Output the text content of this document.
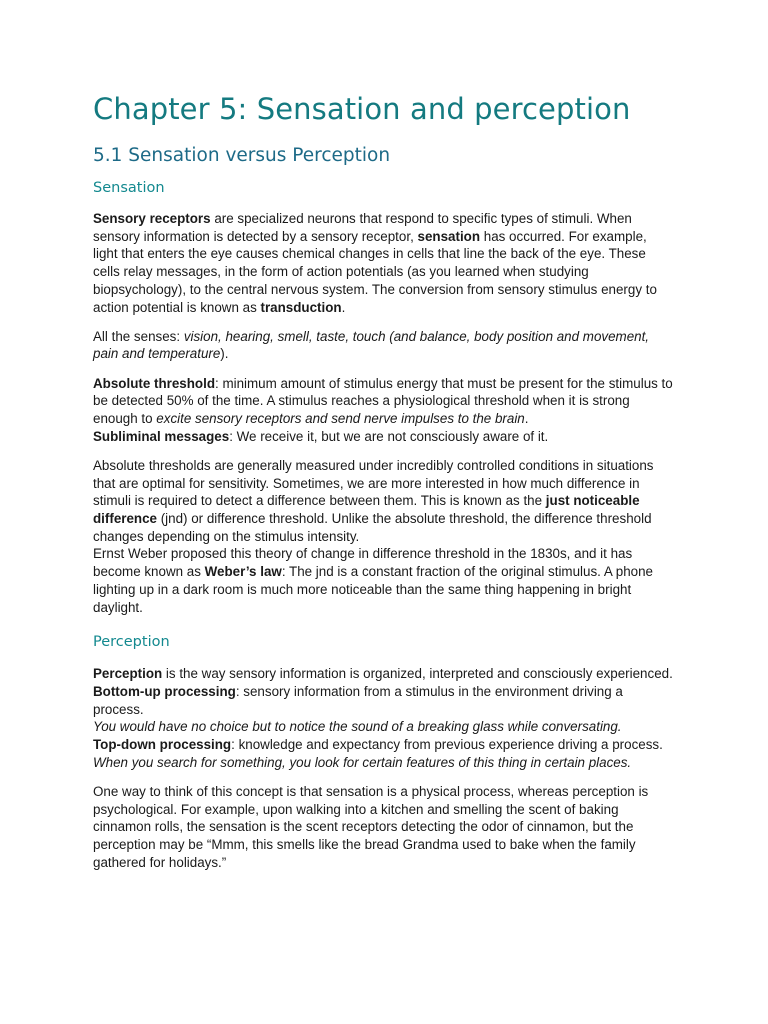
Chapter 5: Sensation and perception
5.1 Sensation versus Perception
Sensation

Sensory receptors are specialized neurons that respond to specific types of stimuli. When sensory information is detected by a sensory receptor, sensation has occurred. For example, light that enters the eye causes chemical changes in cells that line the back of the eye. These cells relay messages, in the form of action potentials (as you learned when studying biopsychology), to the central nervous system. The conversion from sensory stimulus energy to action potential is known as transduction.

All the senses: vision, hearing, smell, taste, touch (and balance, body position and movement, pain and temperature).

Absolute threshold: minimum amount of stimulus energy that must be present for the stimulus to be detected 50% of the time. A stimulus reaches a physiological threshold when it is strong enough to excite sensory receptors and send nerve impulses to the brain.
Subliminal messages: We receive it, but we are not consciously aware of it.

Absolute thresholds are generally measured under incredibly controlled conditions in situations that are optimal for sensitivity. Sometimes, we are more interested in how much difference in stimuli is required to detect a difference between them. This is known as the just noticeable difference (jnd) or difference threshold. Unlike the absolute threshold, the difference threshold changes depending on the stimulus intensity.
Ernst Weber proposed this theory of change in difference threshold in the 1830s, and it has become known as Weber’s law: The jnd is a constant fraction of the original stimulus. A phone lighting up in a dark room is much more noticeable than the same thing happening in bright daylight.

Perception

Perception is the way sensory information is organized, interpreted and consciously experienced.
Bottom-up processing: sensory information from a stimulus in the environment driving a process.
You would have no choice but to notice the sound of a breaking glass while conversating.
Top-down processing: knowledge and expectancy from previous experience driving a process.
When you search for something, you look for certain features of this thing in certain places.

One way to think of this concept is that sensation is a physical process, whereas perception is psychological. For example, upon walking into a kitchen and smelling the scent of baking cinnamon rolls, the sensation is the scent receptors detecting the odor of cinnamon, but the perception may be “Mmm, this smells like the bread Grandma used to bake when the family gathered for holidays.”
